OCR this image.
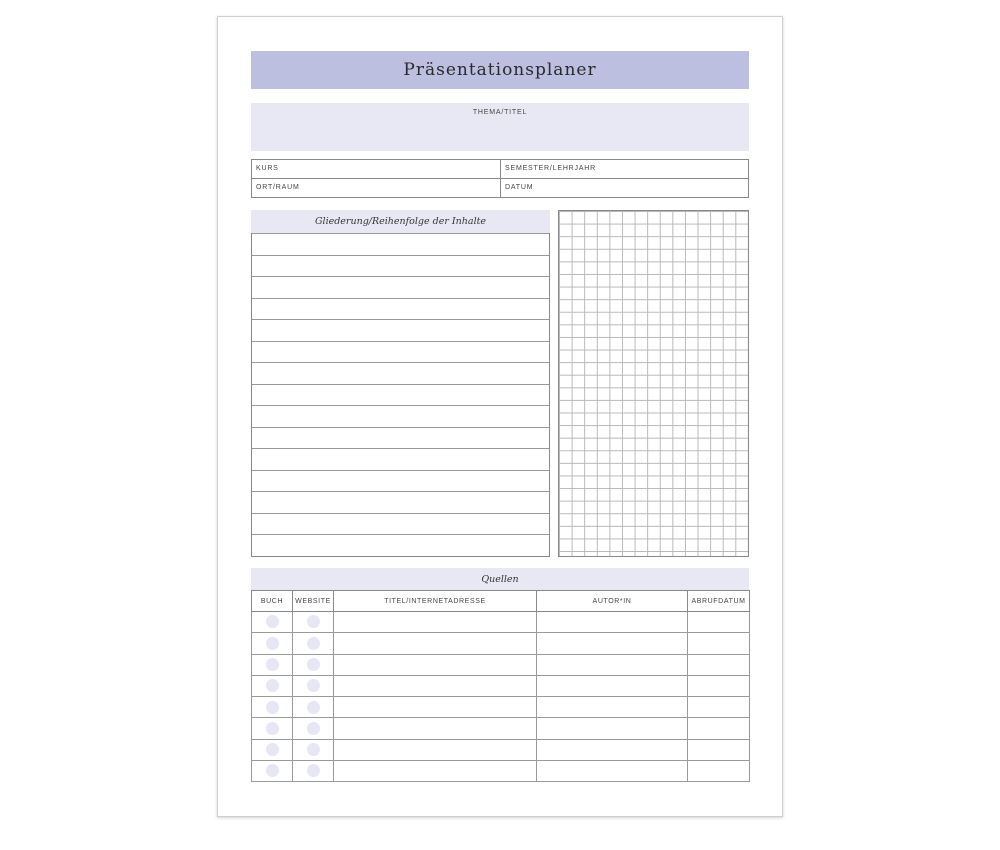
Präsentationsplaner
THEMA/TITEL
KURS	SEMESTER/LEHRJAHR
ORT/RAUM	DATUM
Gliederung/Reihenfolge der Inhalte
Quellen
BUCH	WEBSITE	TITEL/INTERNETADRESSE	AUTOR*IN	ABRUFDATUM
